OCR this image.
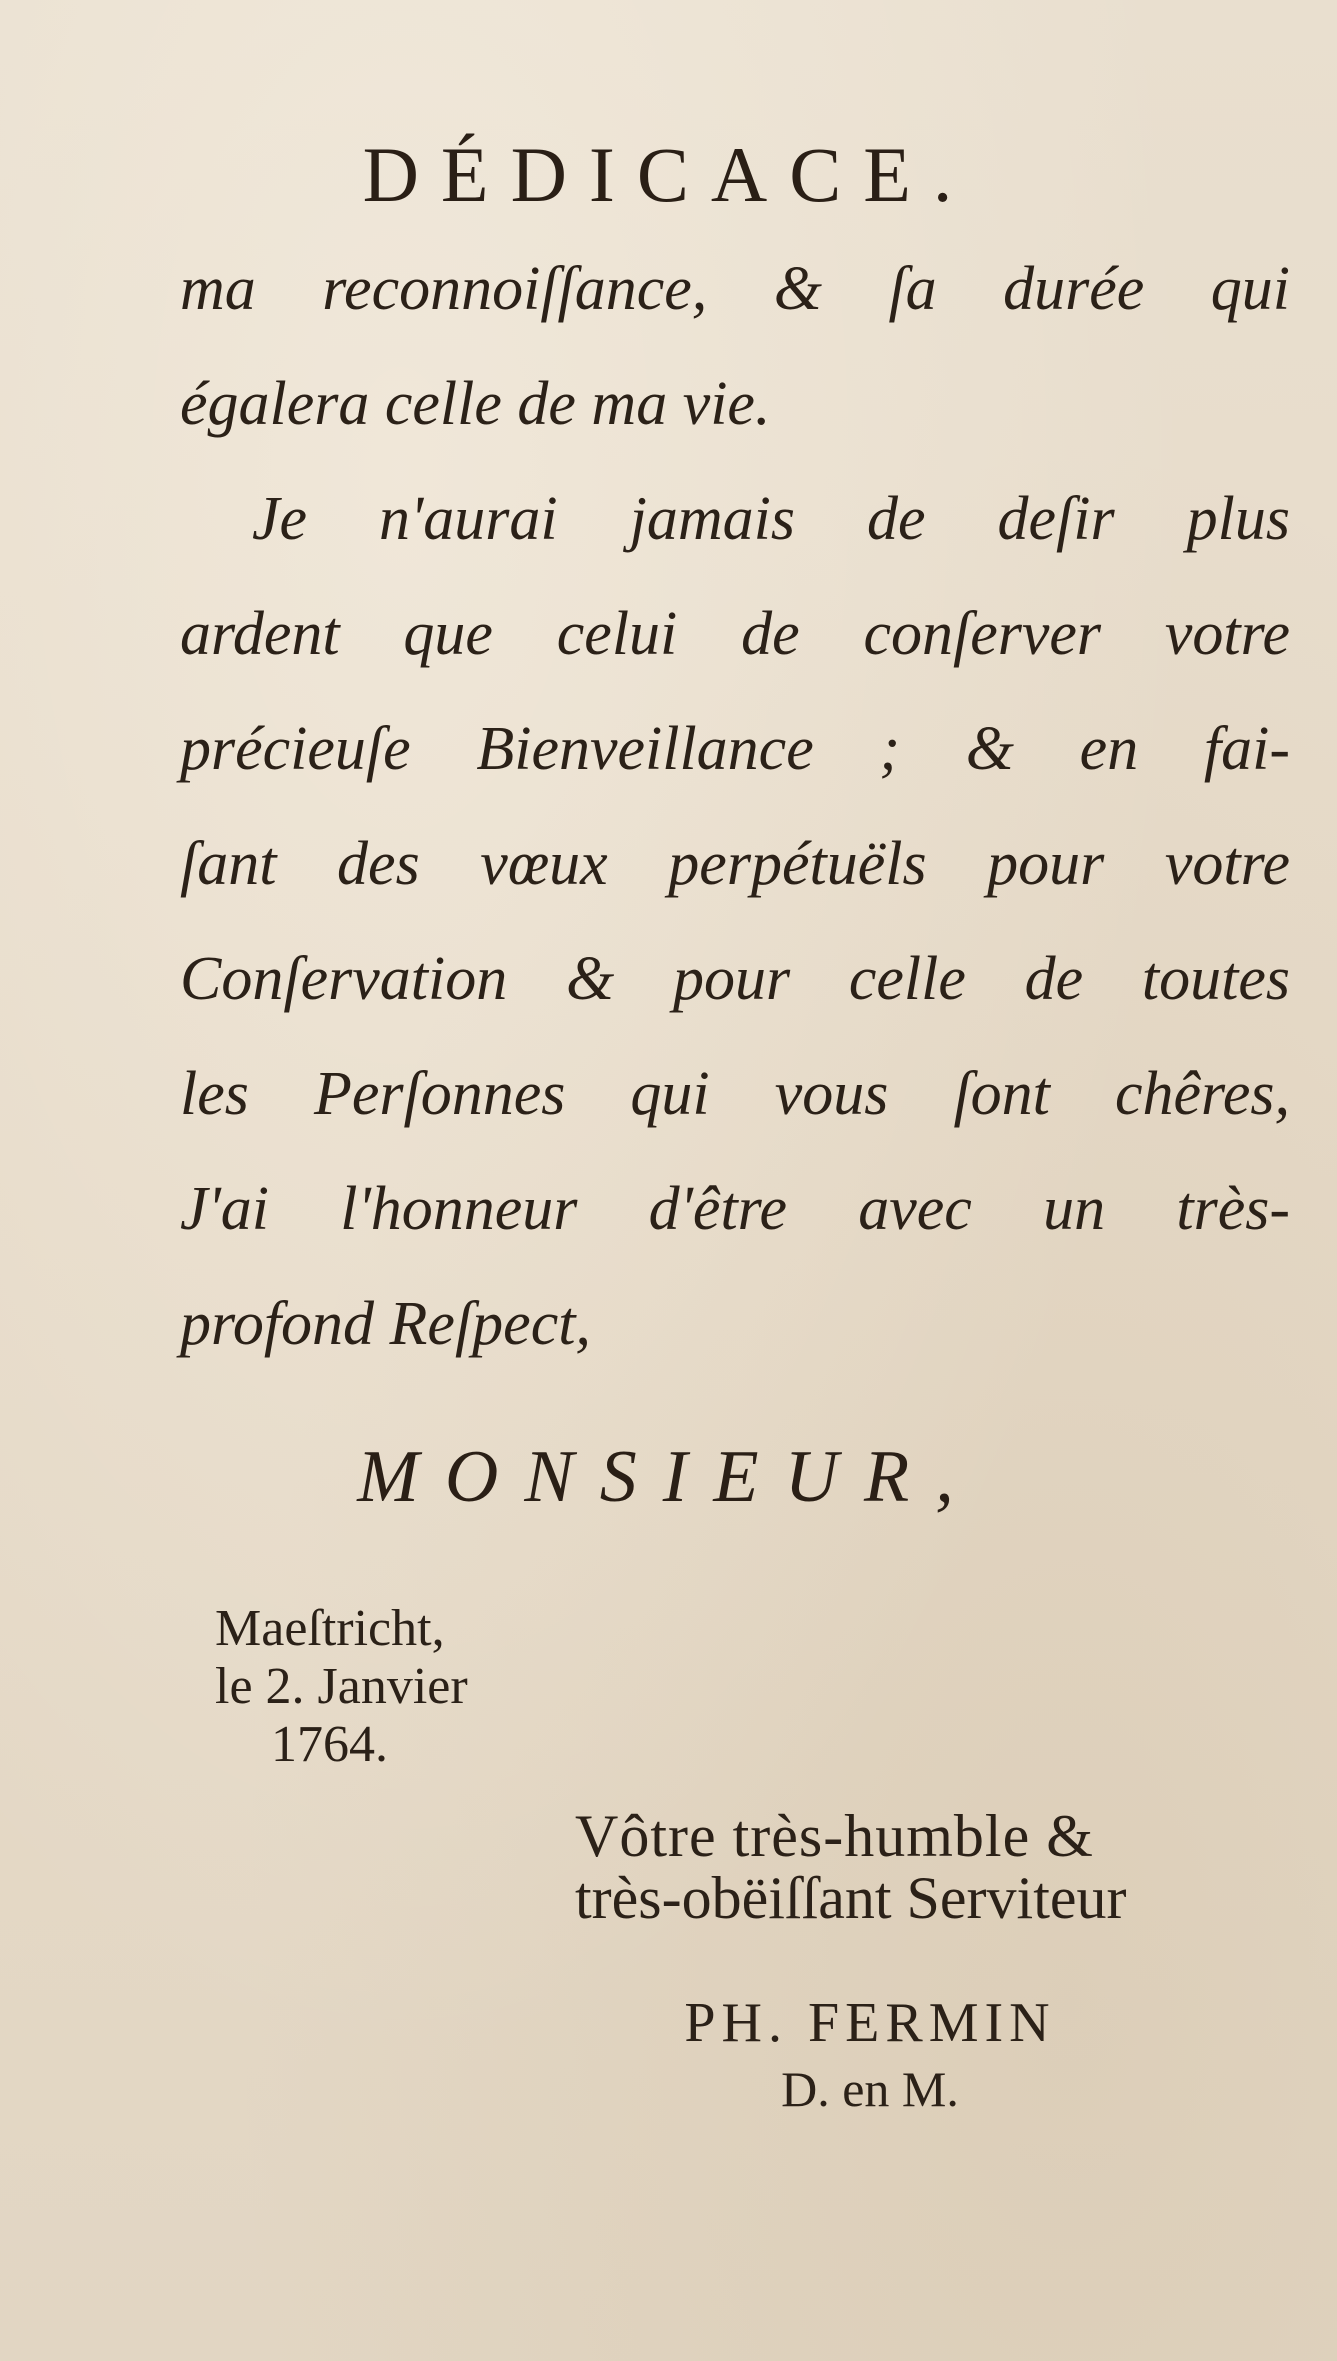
DÉDICACE.
ma reconnoiſſance, & ſa durée qui
égalera celle de ma vie.
Je n'aurai jamais de deſir plus
ardent que celui de conſerver votre
précieuſe Bienveillance ; & en fai-
ſant des vœux perpétuëls pour votre
Conſervation & pour celle de toutes
les Perſonnes qui vous ſont chêres,
J'ai l'honneur d'être avec un très-
profond Reſpect,
MONSIEUR,
Maeſtricht,
le 2. Janvier
1764.
Vôtre très-humble &
très-obëiſſant Serviteur
PH. FERMIN
D. en M.
